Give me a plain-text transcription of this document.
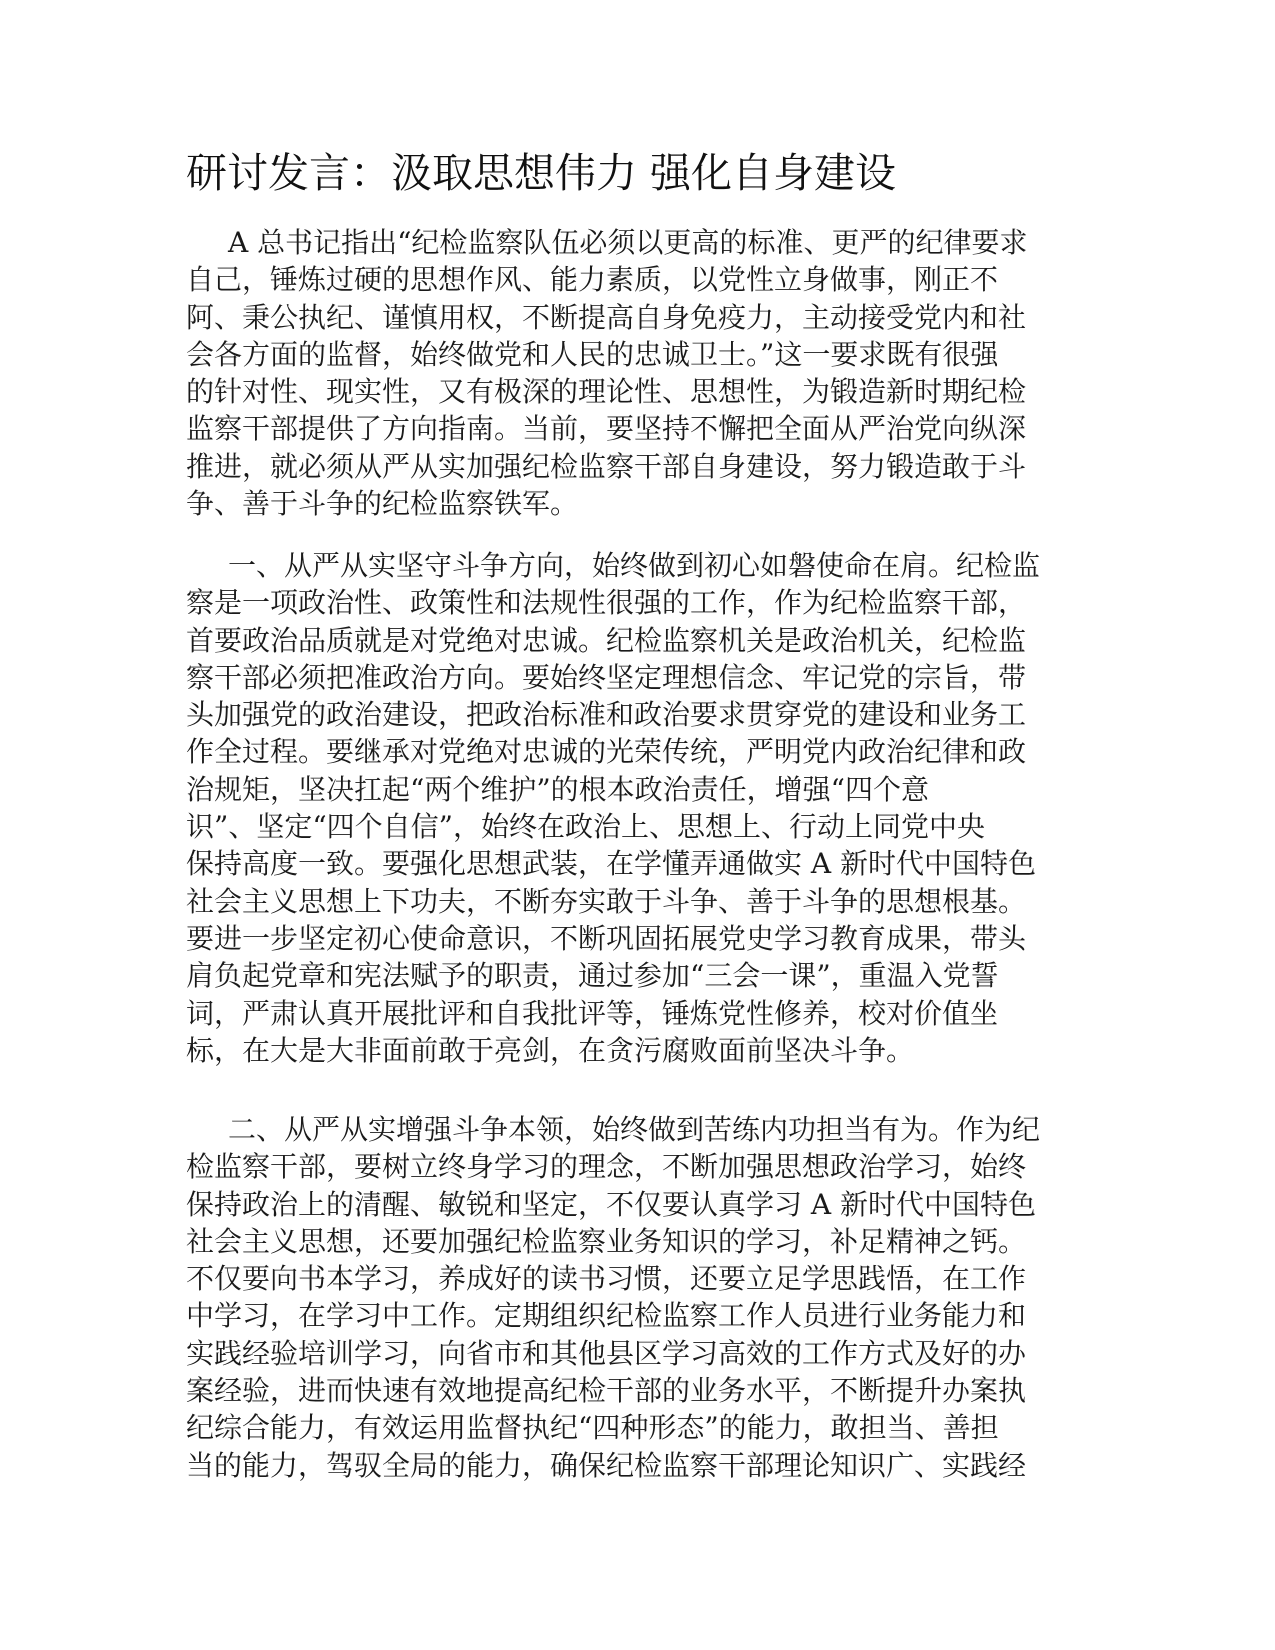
研讨发言：汲取思想伟力 强化自身建设
A 总书记指出“纪检监察队伍必须以更高的标准、更严的纪律要求
自己，锤炼过硬的思想作风、能力素质，以党性立身做事，刚正不
阿、秉公执纪、谨慎用权，不断提高自身免疫力，主动接受党内和社
会各方面的监督，始终做党和人民的忠诚卫士。”这一要求既有很强
的针对性、现实性，又有极深的理论性、思想性，为锻造新时期纪检
监察干部提供了方向指南。当前，要坚持不懈把全面从严治党向纵深
推进，就必须从严从实加强纪检监察干部自身建设，努力锻造敢于斗
争、善于斗争的纪检监察铁军。
一、从严从实坚守斗争方向，始终做到初心如磐使命在肩。纪检监
察是一项政治性、政策性和法规性很强的工作，作为纪检监察干部，
首要政治品质就是对党绝对忠诚。纪检监察机关是政治机关，纪检监
察干部必须把准政治方向。要始终坚定理想信念、牢记党的宗旨，带
头加强党的政治建设，把政治标准和政治要求贯穿党的建设和业务工
作全过程。要继承对党绝对忠诚的光荣传统，严明党内政治纪律和政
治规矩，坚决扛起“两个维护”的根本政治责任，增强“四个意
识”、坚定“四个自信”，始终在政治上、思想上、行动上同党中央
保持高度一致。要强化思想武装，在学懂弄通做实 A 新时代中国特色
社会主义思想上下功夫，不断夯实敢于斗争、善于斗争的思想根基。
要进一步坚定初心使命意识，不断巩固拓展党史学习教育成果，带头
肩负起党章和宪法赋予的职责，通过参加“三会一课”，重温入党誓
词，严肃认真开展批评和自我批评等，锤炼党性修养，校对价值坐
标，在大是大非面前敢于亮剑，在贪污腐败面前坚决斗争。
二、从严从实增强斗争本领，始终做到苦练内功担当有为。作为纪
检监察干部，要树立终身学习的理念，不断加强思想政治学习，始终
保持政治上的清醒、敏锐和坚定，不仅要认真学习 A 新时代中国特色
社会主义思想，还要加强纪检监察业务知识的学习，补足精神之钙。
不仅要向书本学习，养成好的读书习惯，还要立足学思践悟，在工作
中学习，在学习中工作。定期组织纪检监察工作人员进行业务能力和
实践经验培训学习，向省市和其他县区学习高效的工作方式及好的办
案经验，进而快速有效地提高纪检干部的业务水平，不断提升办案执
纪综合能力，有效运用监督执纪“四种形态”的能力，敢担当、善担
当的能力，驾驭全局的能力，确保纪检监察干部理论知识广、实践经
